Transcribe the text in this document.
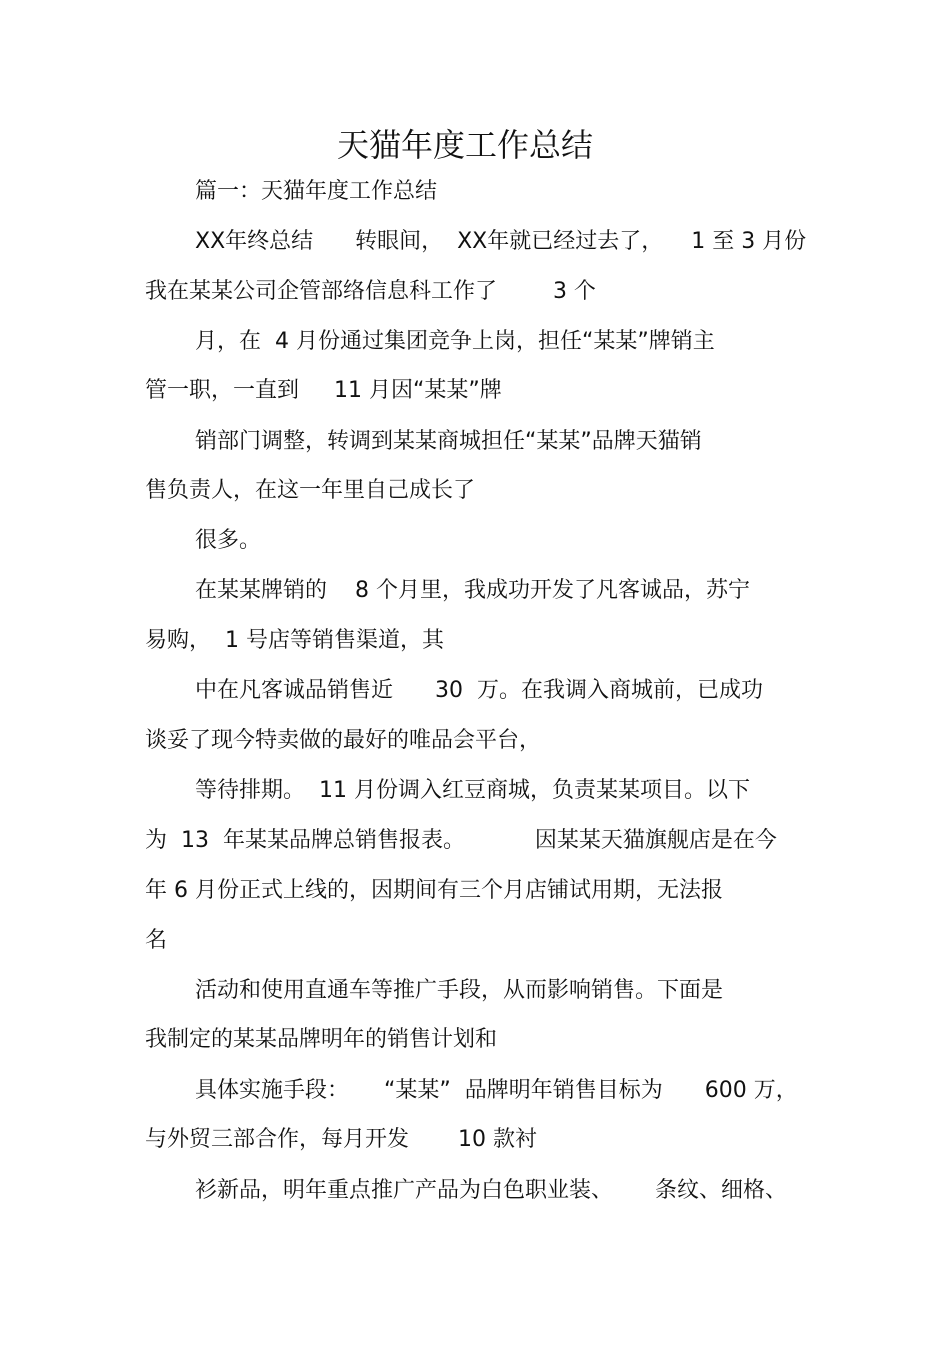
天猫年度工作总结
篇一：天猫年度工作总结
XX年终总结      转眼间，  XX年就已经过去了，    1 至 3 月份
我在某某公司企管部络信息科工作了        3 个
月，在  4 月份通过集团竞争上岗，担任“某某”牌销主
管一职，一直到     11 月因“某某”牌
销部门调整，转调到某某商城担任“某某”品牌天猫销
售负责人，在这一年里自己成长了
很多。
在某某牌销的    8 个月里，我成功开发了凡客诚品，苏宁
易购，  1 号店等销售渠道，其
中在凡客诚品销售近      30  万。在我调入商城前，已成功
谈妥了现今特卖做的最好的唯品会平台，
等待排期。  11 月份调入红豆商城，负责某某项目。以下
为  13  年某某品牌总销售报表。          因某某天猫旗舰店是在今
年 6 月份正式上线的，因期间有三个月店铺试用期，无法报
名
活动和使用直通车等推广手段，从而影响销售。下面是
我制定的某某品牌明年的销售计划和
具体实施手段：     “某某”  品牌明年销售目标为      600 万，
与外贸三部合作，每月开发       10 款衬
衫新品，明年重点推广产品为白色职业装、      条纹、细格、
